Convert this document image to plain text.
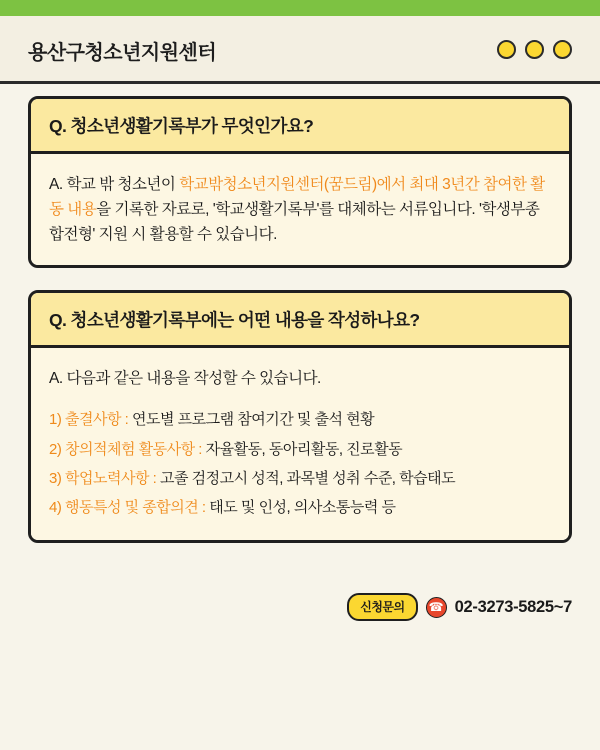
용산구청소년지원센터
Q. 청소년생활기록부가 무엇인가요?
A. 학교 밖 청소년이 학교밖청소년지원센터(꿈드림)에서 최대 3년간 참여한 활동 내용을 기록한 자료로, '학교생활기록부'를 대체하는 서류입니다. '학생부종합전형' 지원 시 활용할 수 있습니다.
Q. 청소년생활기록부에는 어떤 내용을 작성하나요?
A. 다음과 같은 내용을 작성할 수 있습니다.
1) 출결사항 : 연도별 프로그램 참여기간 및 출석 현황
2) 창의적체험 활동사항 : 자율활동, 동아리활동, 진로활동
3) 학업노력사항 : 고졸 검정고시 성적, 과목별 성취 수준, 학습태도
4) 행동특성 및 종합의견 : 태도 및 인성, 의사소통능력 등
신청문의	☎ 02-3273-5825~7
